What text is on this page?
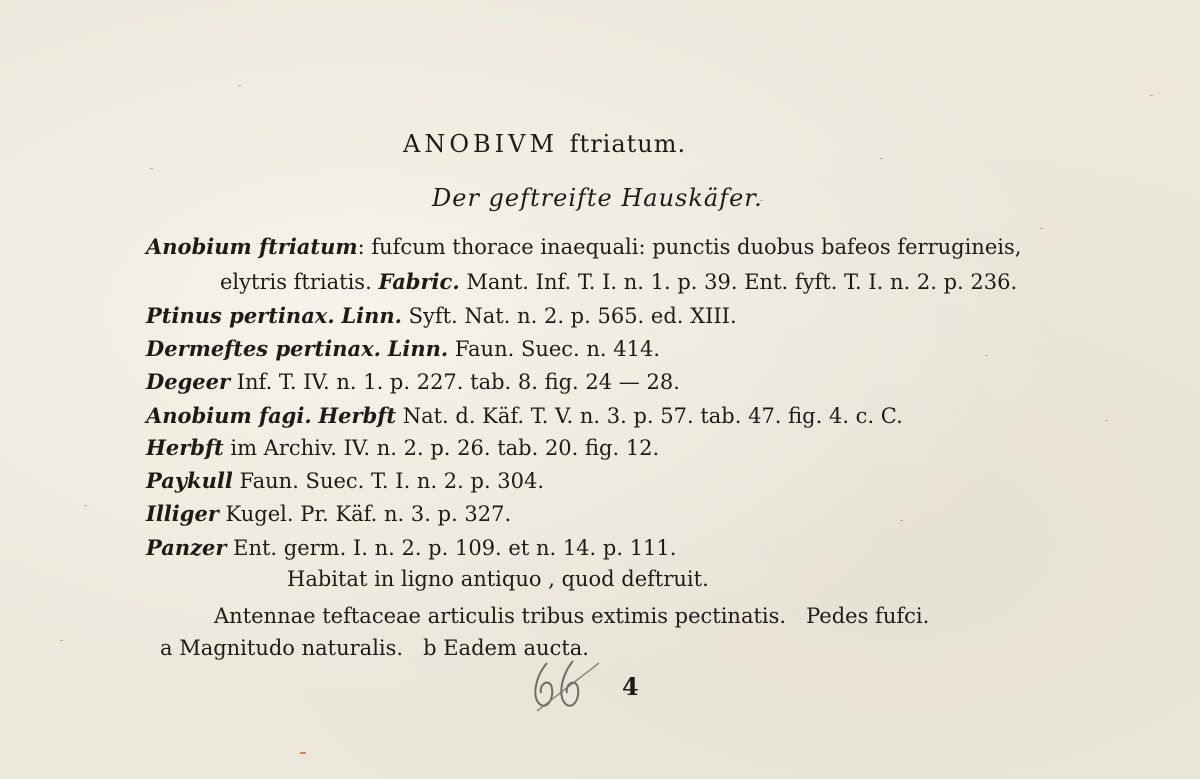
ANOBIVM ftriatum.
Der geftreifte Hauskäfer.
Anobium ftriatum: fufcum thorace inaequali: punctis duobus bafeos ferrugineis,
elytris ftriatis. Fabric. Mant. Inf. T. I. n. 1. p. 39. Ent. fyft. T. I. n. 2. p. 236.
Ptinus pertinax. Linn. Syft. Nat. n. 2. p. 565. ed. XIII.
Dermeftes pertinax. Linn. Faun. Suec. n. 414.
Degeer Inf. T. IV. n. 1. p. 227. tab. 8. fig. 24 — 28.
Anobium fagi. Herbft Nat. d. Käf. T. V. n. 3. p. 57. tab. 47. fig. 4. c. C.
Herbft im Archiv. IV. n. 2. p. 26. tab. 20. fig. 12.
Paykull Faun. Suec. T. I. n. 2. p. 304.
Illiger Kugel. Pr. Käf. n. 3. p. 327.
Panzer Ent. germ. I. n. 2. p. 109. et n. 14. p. 111.
Habitat in ligno antiquo , quod deftruit.
Antennae teftaceae articulis tribus extimis pectinatis.   Pedes fufci.
a Magnitudo naturalis.   b Eadem aucta.
4
